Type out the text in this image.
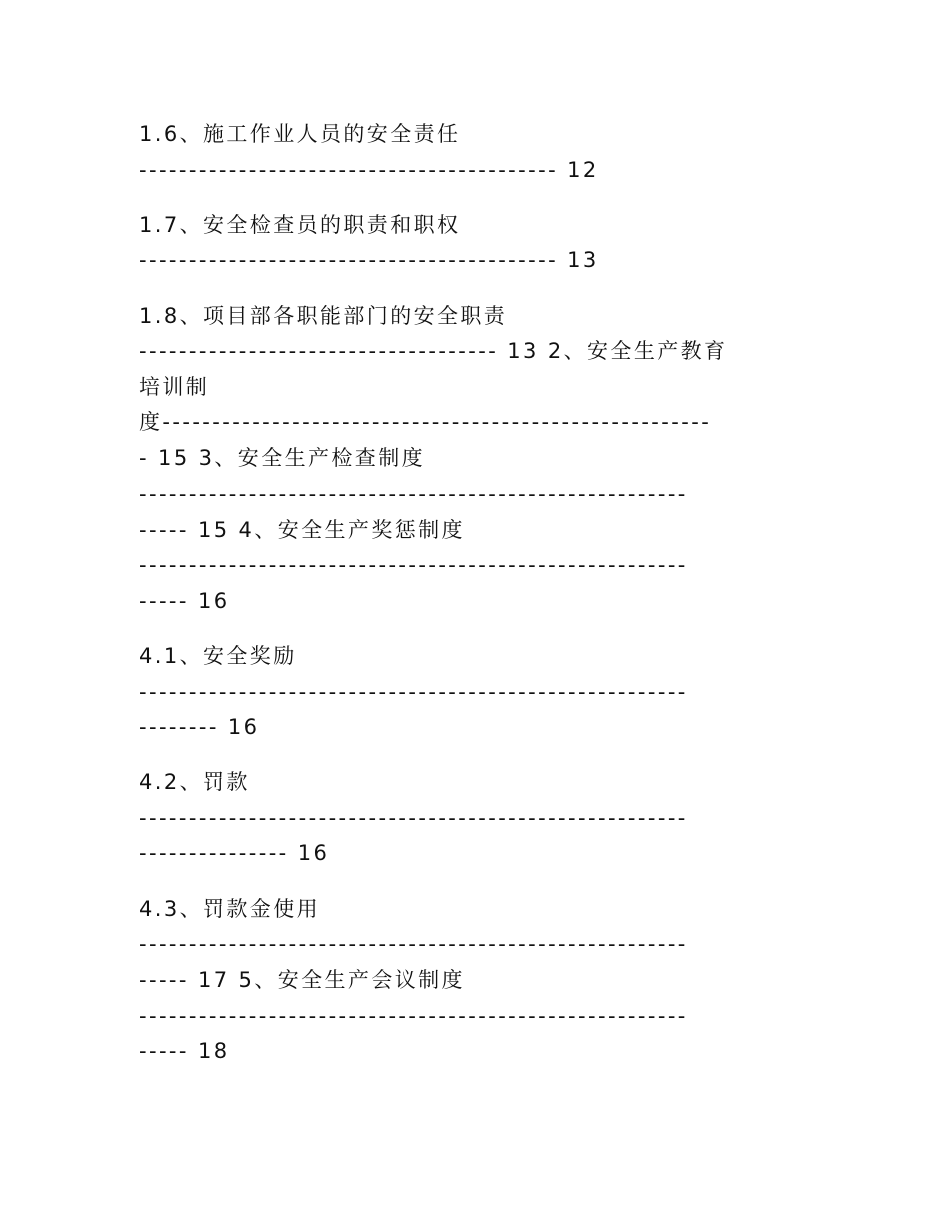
1.6、施工作业人员的安全责任
------------------------------------------ 12
1.7、安全检查员的职责和职权
------------------------------------------ 13
1.8、项目部各职能部门的安全职责
------------------------------------ 13 2、安全生产教育
培训制
度-------------------------------------------------------
- 15 3、安全生产检查制度
-------------------------------------------------------
----- 15 4、安全生产奖惩制度
-------------------------------------------------------
----- 16
4.1、安全奖励
-------------------------------------------------------
-------- 16
4.2、罚款
-------------------------------------------------------
--------------- 16
4.3、罚款金使用
-------------------------------------------------------
----- 17 5、安全生产会议制度
-------------------------------------------------------
----- 18
